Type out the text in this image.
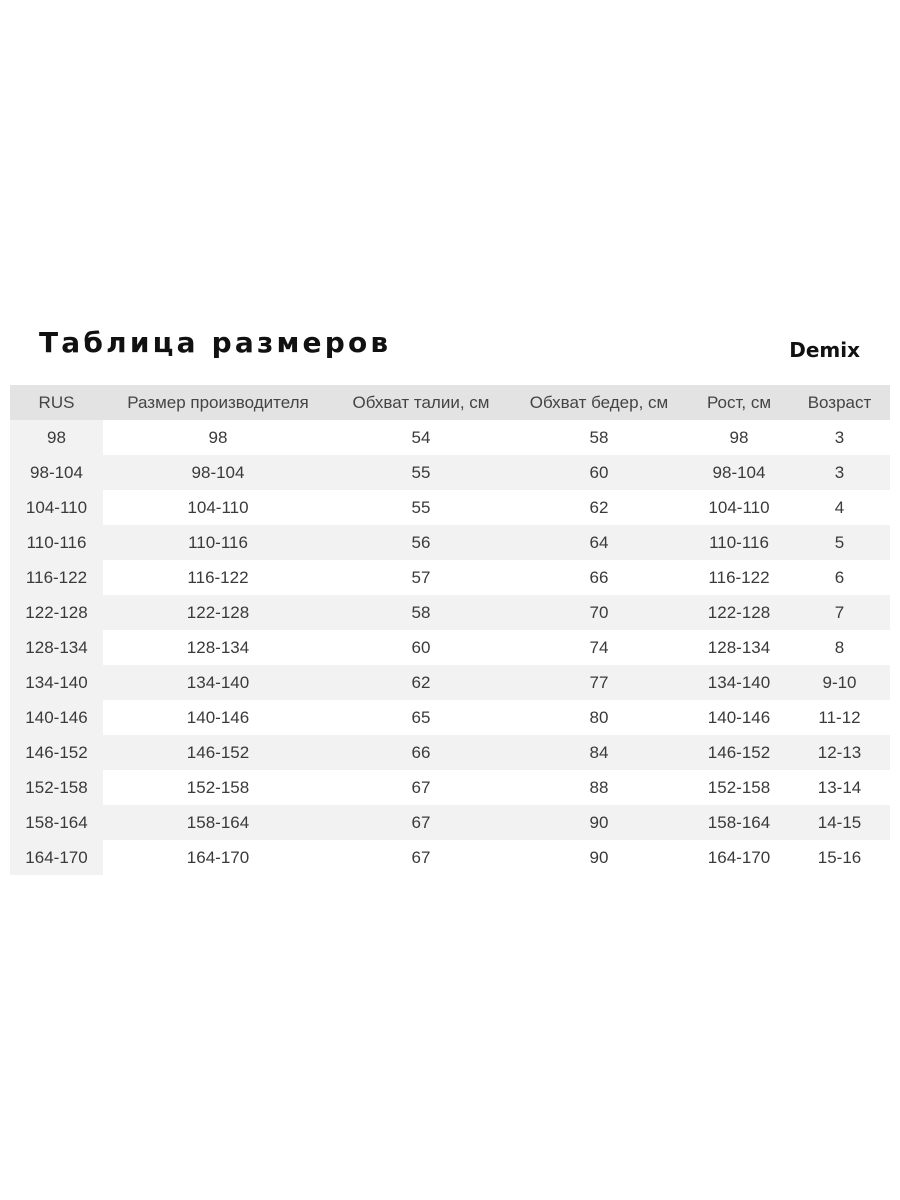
Таблица размеров	Demix
RUS	Размер производителя	Обхват талии, см	Обхват бедер, см	Рост, см	Возраст
98	98	54	58	98	3
98-104	98-104	55	60	98-104	3
104-110	104-110	55	62	104-110	4
110-116	110-116	56	64	110-116	5
116-122	116-122	57	66	116-122	6
122-128	122-128	58	70	122-128	7
128-134	128-134	60	74	128-134	8
134-140	134-140	62	77	134-140	9-10
140-146	140-146	65	80	140-146	11-12
146-152	146-152	66	84	146-152	12-13
152-158	152-158	67	88	152-158	13-14
158-164	158-164	67	90	158-164	14-15
164-170	164-170	67	90	164-170	15-16
